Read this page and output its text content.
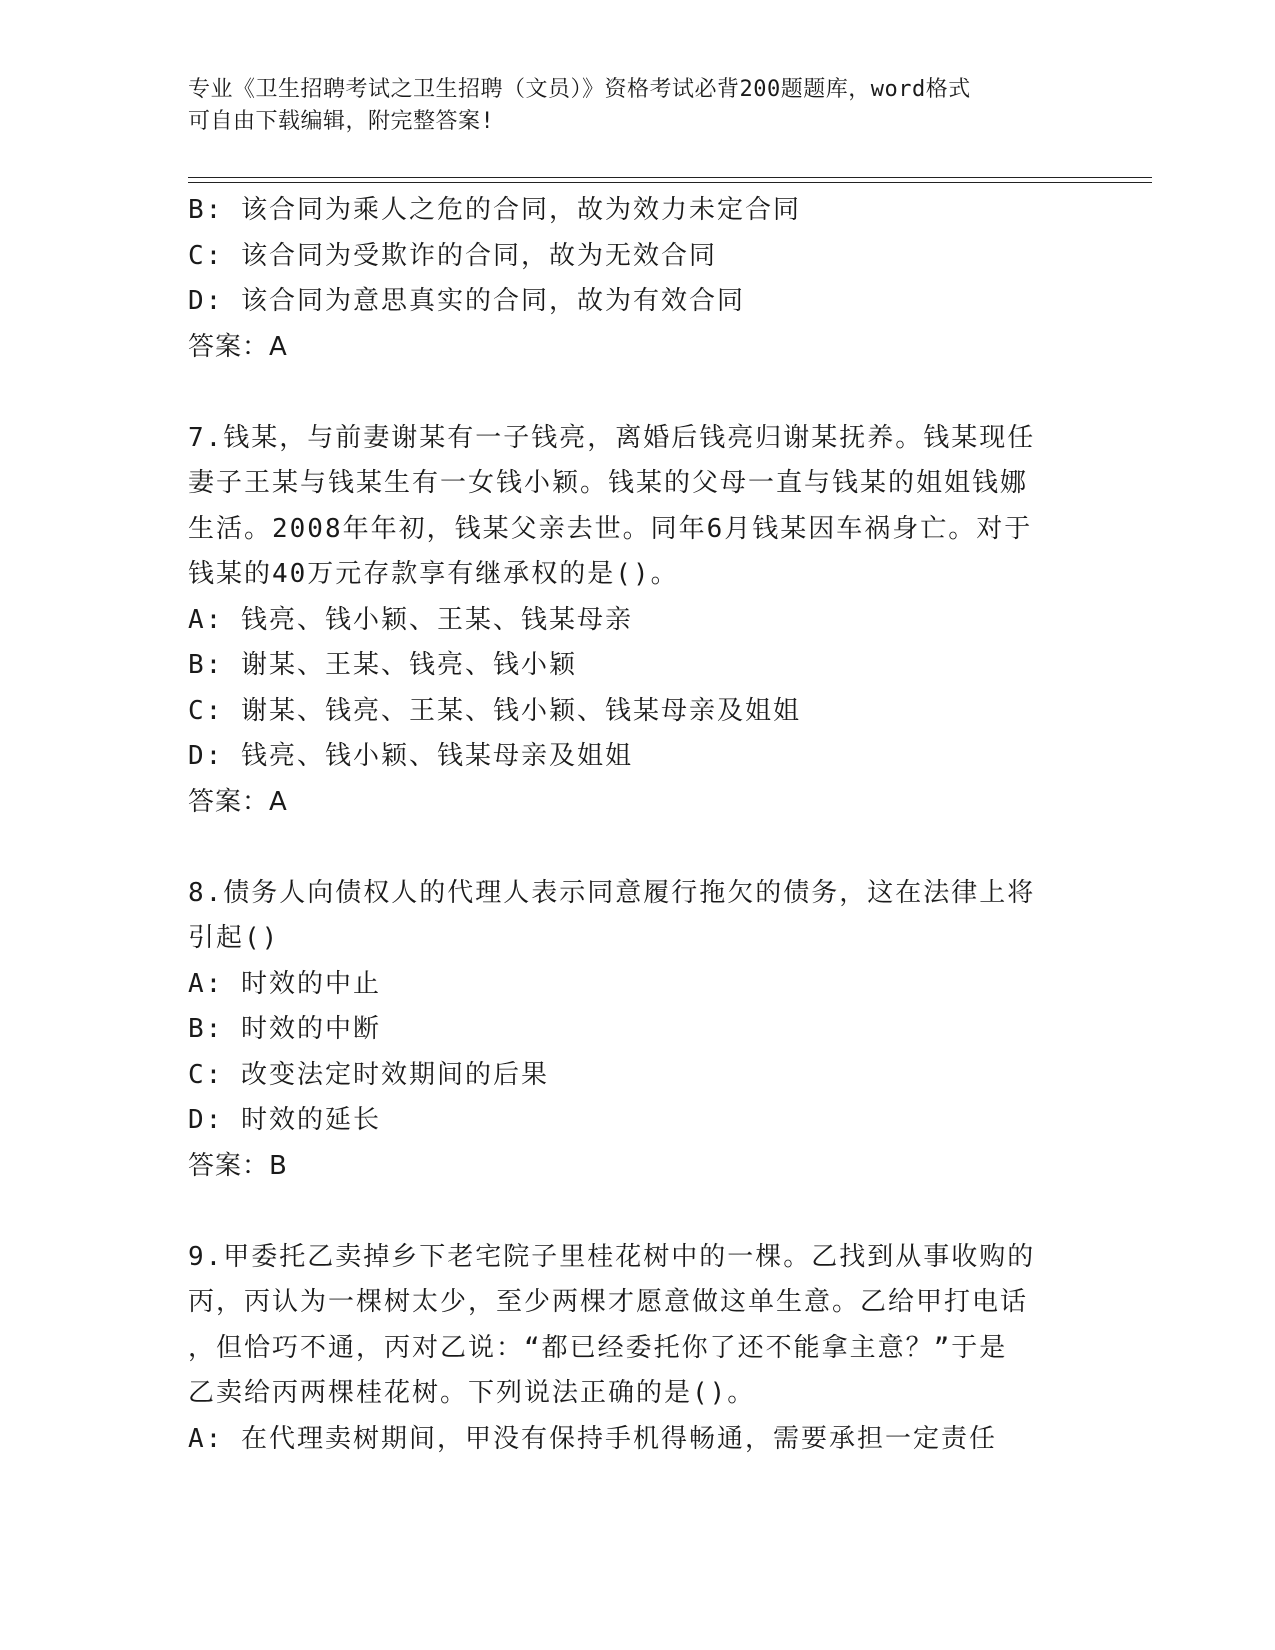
专业《卫生招聘考试之卫生招聘（文员）》资格考试必背200题题库，word格式
可自由下载编辑，附完整答案!
B: 该合同为乘人之危的合同，故为效力未定合同
C: 该合同为受欺诈的合同，故为无效合同
D: 该合同为意思真实的合同，故为有效合同
答案：A
7.钱某，与前妻谢某有一子钱亮，离婚后钱亮归谢某抚养。钱某现任
妻子王某与钱某生有一女钱小颖。钱某的父母一直与钱某的姐姐钱娜
生活。2008年年初，钱某父亲去世。同年6月钱某因车祸身亡。对于
钱某的40万元存款享有继承权的是()。
A: 钱亮、钱小颖、王某、钱某母亲
B: 谢某、王某、钱亮、钱小颖
C: 谢某、钱亮、王某、钱小颖、钱某母亲及姐姐
D: 钱亮、钱小颖、钱某母亲及姐姐
答案：A
8.债务人向债权人的代理人表示同意履行拖欠的债务，这在法律上将
引起()
A: 时效的中止
B: 时效的中断
C: 改变法定时效期间的后果
D: 时效的延长
答案：B
9.甲委托乙卖掉乡下老宅院子里桂花树中的一棵。乙找到从事收购的
丙，丙认为一棵树太少，至少两棵才愿意做这单生意。乙给甲打电话
，但恰巧不通，丙对乙说：“都已经委托你了还不能拿主意？”于是
乙卖给丙两棵桂花树。下列说法正确的是()。
A: 在代理卖树期间，甲没有保持手机得畅通，需要承担一定责任
